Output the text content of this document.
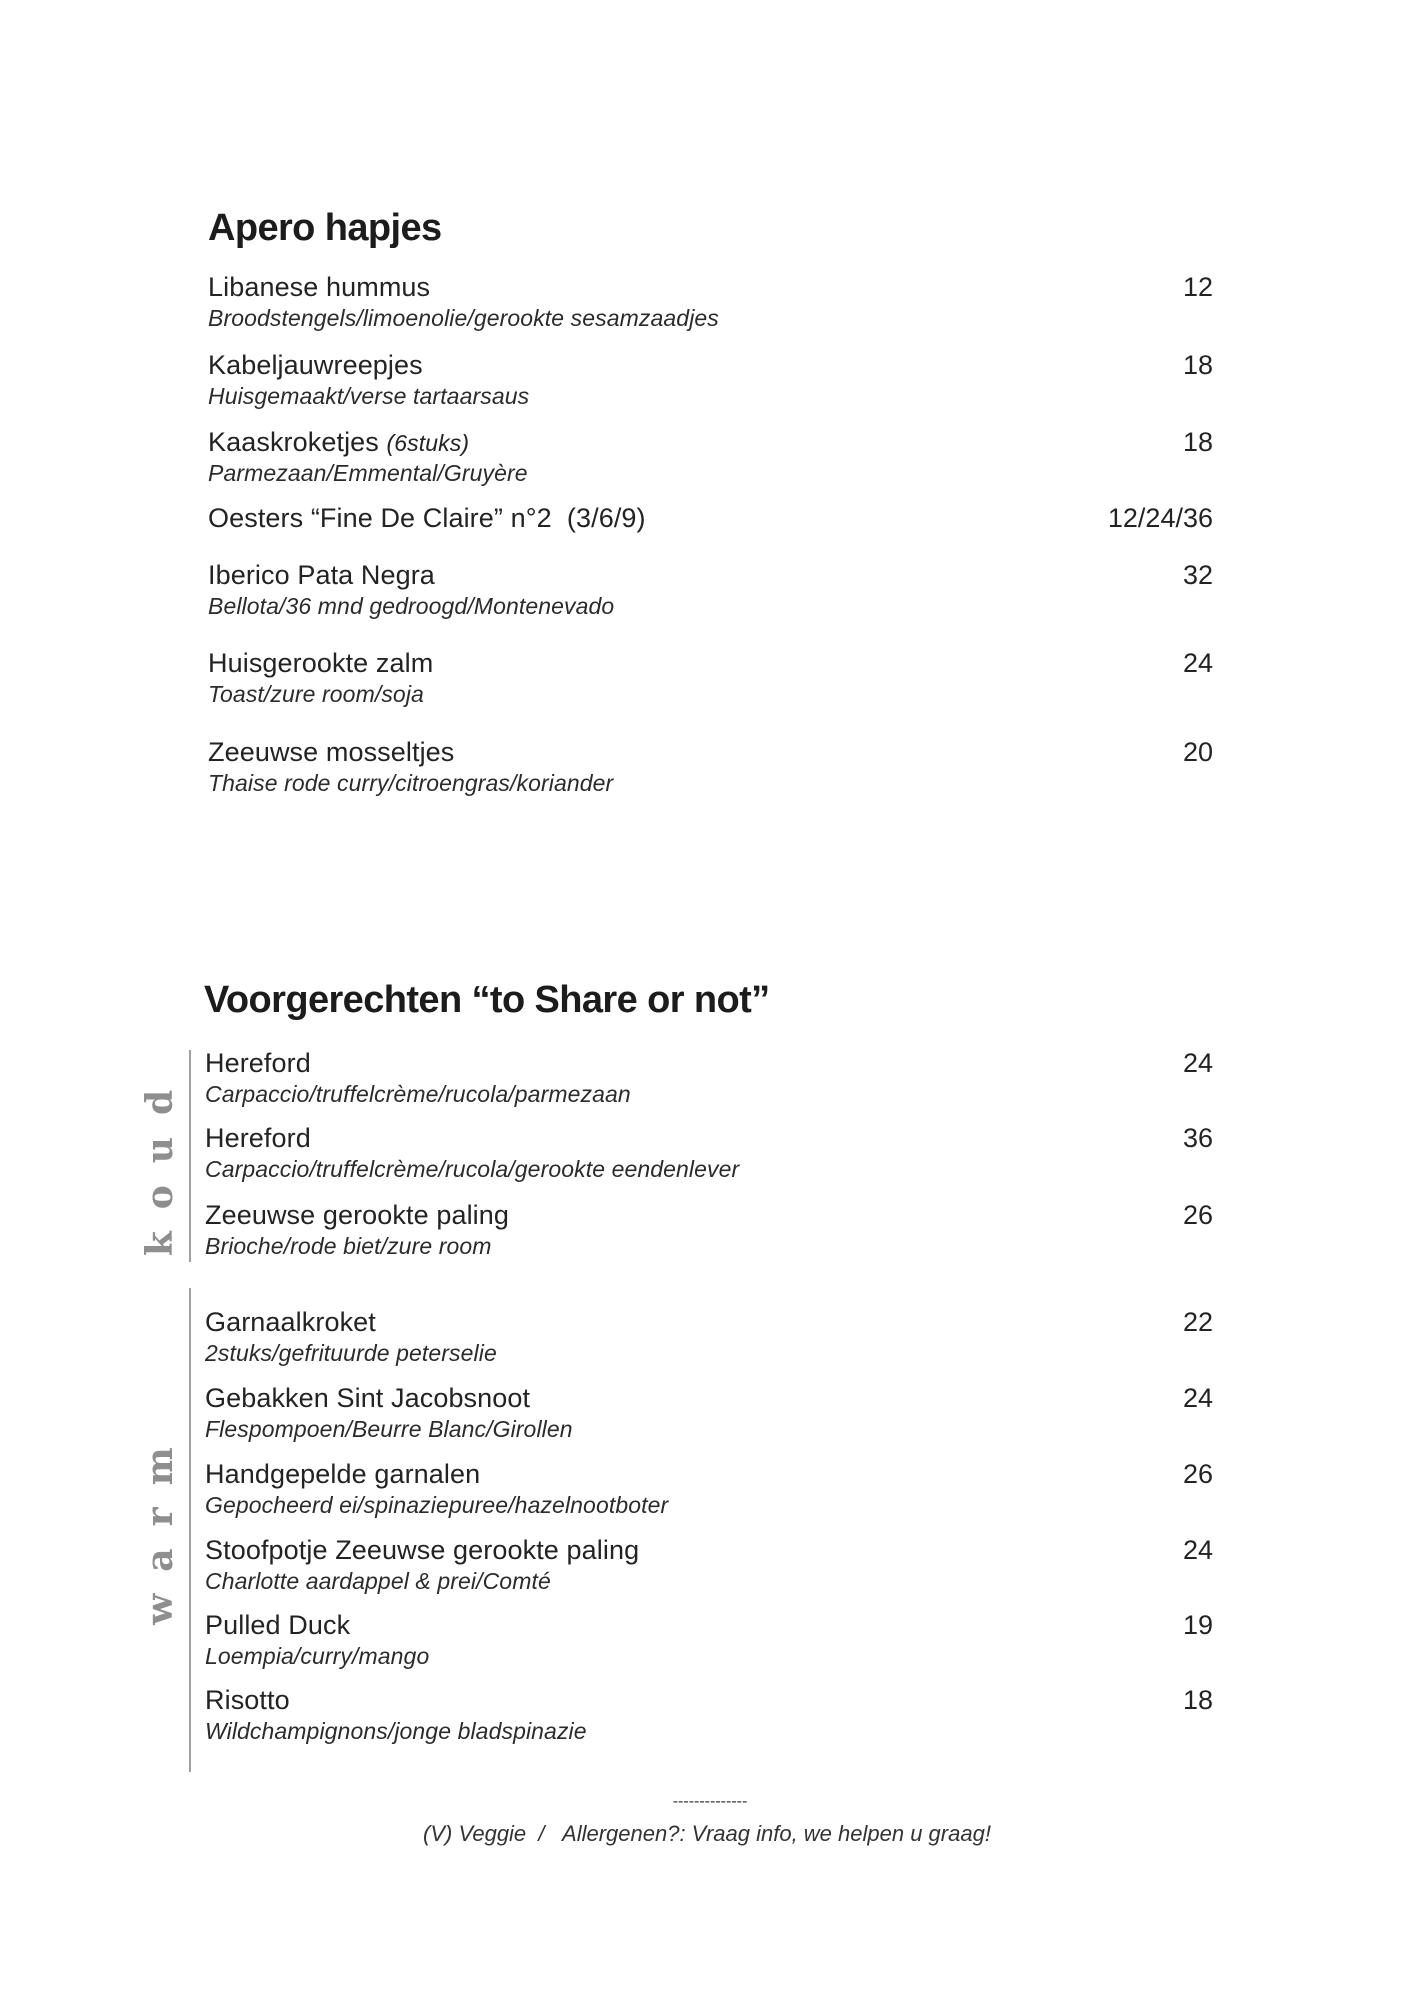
Apero hapjes
Libanese hummus
Broodstengels/limoenolie/gerookte sesamzaadjes
12
Kabeljauwreepjes
Huisgemaakt/verse tartaarsaus
18
Kaaskroketjes (6stuks)
Parmezaan/Emmental/Gruyère
18
Oesters “Fine De Claire” n°2  (3/6/9)	12/24/36
Iberico Pata Negra
Bellota/36 mnd gedroogd/Montenevado
32
Huisgerookte zalm
Toast/zure room/soja
24
Zeeuwse mosseltjes
Thaise rode curry/citroengras/koriander
20
Voorgerechten “to Share or not”
koud
Hereford
Carpaccio/truffelcrème/rucola/parmezaan
24
Hereford
Carpaccio/truffelcrème/rucola/gerookte eendenlever
36
Zeeuwse gerookte paling
Brioche/rode biet/zure room
26
warm
Garnaalkroket
2stuks/gefrituurde peterselie
22
Gebakken Sint Jacobsnoot
Flespompoen/Beurre Blanc/Girollen
24
Handgepelde garnalen
Gepocheerd ei/spinaziepuree/hazelnootboter
26
Stoofpotje Zeeuwse gerookte paling
Charlotte aardappel & prei/Comté
24
Pulled Duck
Loempia/curry/mango
19
Risotto
Wildchampignons/jonge bladspinazie
18
--------------
(V) Veggie  /   Allergenen?: Vraag info, we helpen u graag!
